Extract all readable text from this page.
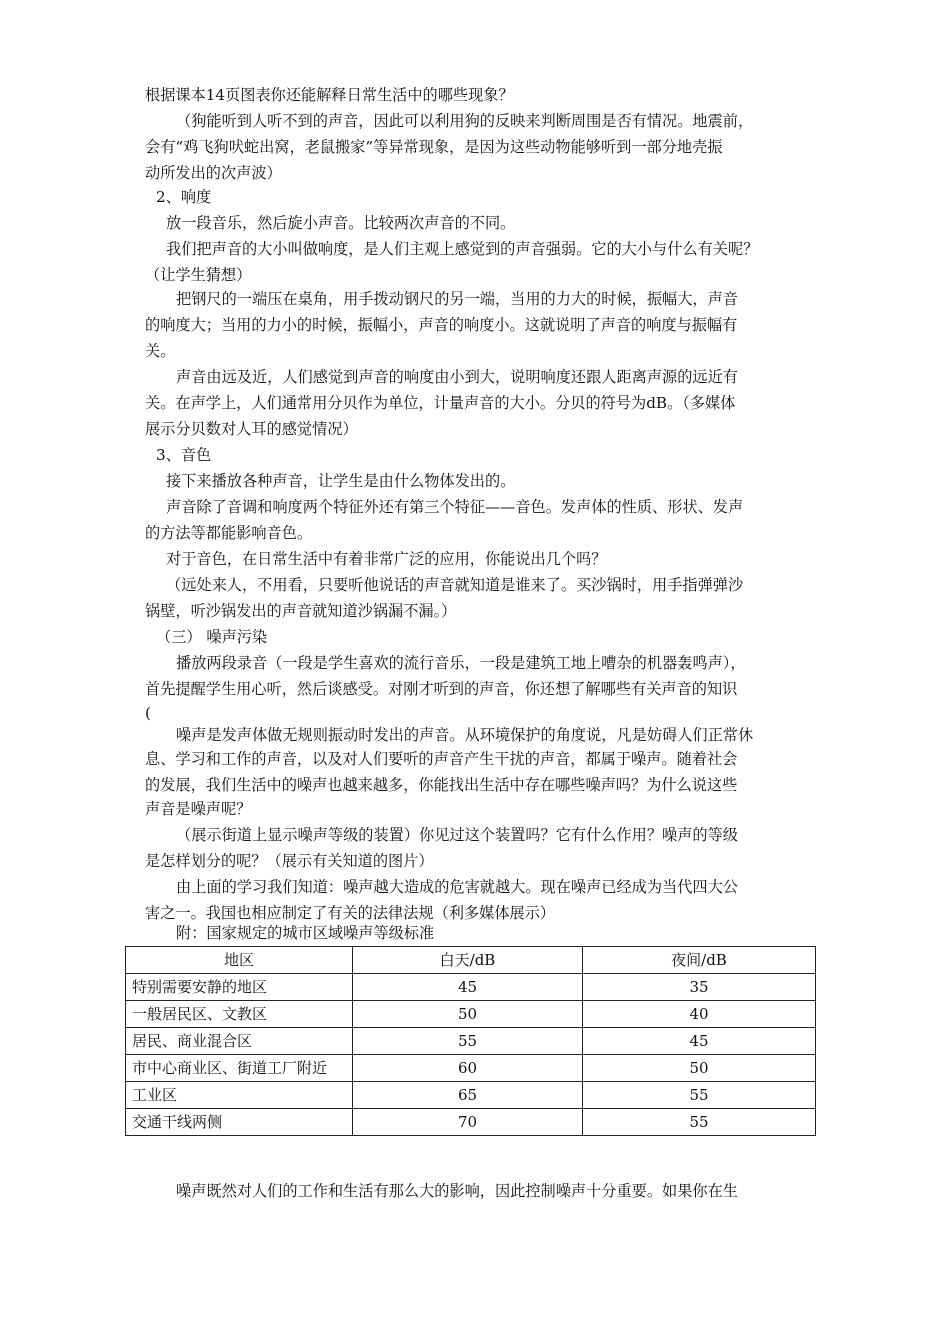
根据课本14页图表你还能解释日常生活中的哪些现象？
（狗能听到人听不到的声音，因此可以利用狗的反映来判断周围是否有情况。地震前，
会有“鸡飞狗吠蛇出窝，老鼠搬家”等异常现象，是因为这些动物能够听到一部分地壳振
动所发出的次声波）
2、响度
放一段音乐，然后旋小声音。比较两次声音的不同。
我们把声音的大小叫做响度，是人们主观上感觉到的声音强弱。它的大小与什么有关呢？
（让学生猜想）
把钢尺的一端压在桌角，用手拨动钢尺的另一端，当用的力大的时候，振幅大，声音
的响度大；当用的力小的时候，振幅小，声音的响度小。这就说明了声音的响度与振幅有
关。
声音由远及近，人们感觉到声音的响度由小到大，说明响度还跟人距离声源的远近有
关。在声学上，人们通常用分贝作为单位，计量声音的大小。分贝的符号为dB。（多媒体
展示分贝数对人耳的感觉情况）
3、音色
接下来播放各种声音，让学生是由什么物体发出的。
声音除了音调和响度两个特征外还有第三个特征——音色。发声体的性质、形状、发声
的方法等都能影响音色。
对于音色，在日常生活中有着非常广泛的应用，你能说出几个吗？
（远处来人，不用看，只要听他说话的声音就知道是谁来了。买沙锅时，用手指弹弹沙
锅壁，听沙锅发出的声音就知道沙锅漏不漏。）
（三） 噪声污染
播放两段录音（一段是学生喜欢的流行音乐，一段是建筑工地上嘈杂的机器轰鸣声），
首先提醒学生用心听，然后谈感受。对刚才听到的声音，你还想了解哪些有关声音的知识
(
噪声是发声体做无规则振动时发出的声音。从环境保护的角度说，凡是妨碍人们正常休
息、学习和工作的声音，以及对人们要听的声音产生干扰的声音，都属于噪声。随着社会
的发展，我们生活中的噪声也越来越多，你能找出生活中存在哪些噪声吗？为什么说这些
声音是噪声呢？
（展示街道上显示噪声等级的装置）你见过这个装置吗？它有什么作用？噪声的等级
是怎样划分的呢？（展示有关知道的图片）
由上面的学习我们知道：噪声越大造成的危害就越大。现在噪声已经成为当代四大公
附：国家规定的城市区域噪声等级标准
地区	白天/dB	夜间/dB
特别需要安静的地区	45	35
一般居民区、文教区	50	40
居民、商业混合区	55	45
市中心商业区、街道工厂附近	60	50
工业区	65	55
交通干线两侧	70	55
噪声既然对人们的工作和生活有那么大的影响，因此控制噪声十分重要。如果你在生
害之一。我国也相应制定了有关的法律法规（利多媒体展示）
